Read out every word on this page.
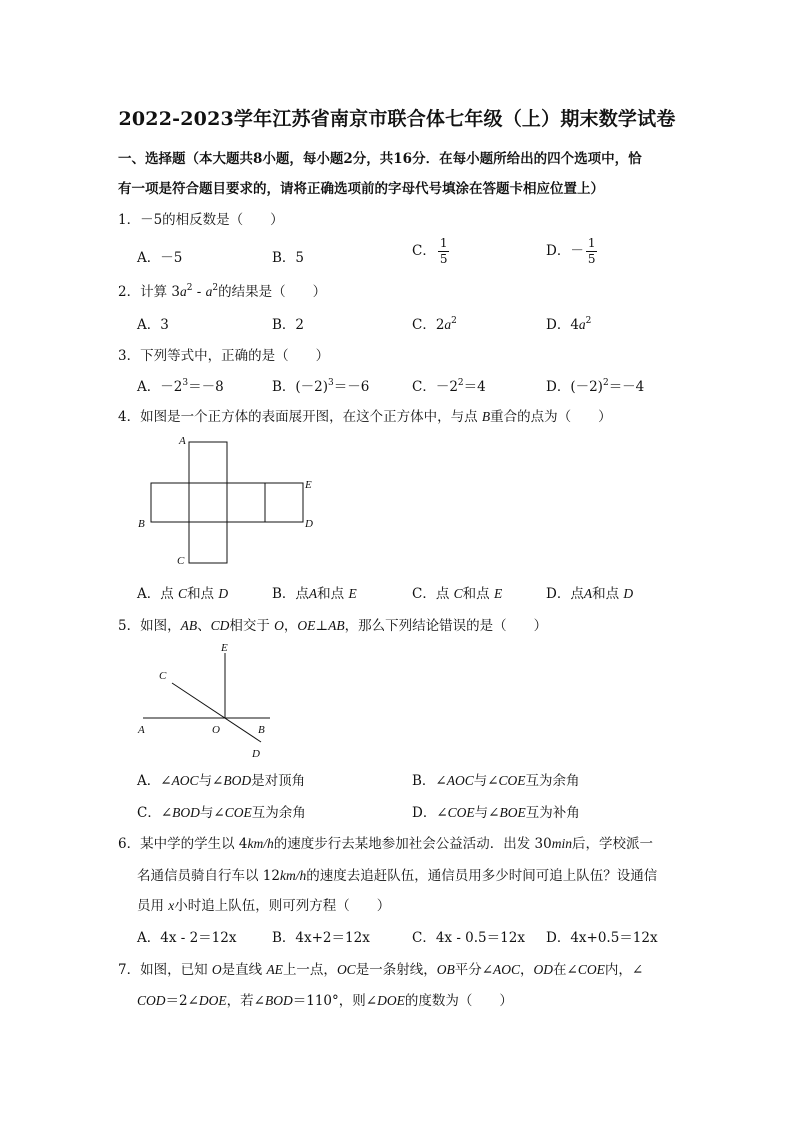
2022-2023学年江苏省南京市联合体七年级（上）期末数学试卷
一、选择题（本大题共8小题，每小题2分，共16分．在每小题所给出的四个选项中，恰
有一项是符合题目要求的，请将正确选项前的字母代号填涂在答题卡相应位置上）
1．－5的相反数是（　　）
A．－5	B．5	C． $\frac{1}{5}$	D．－ $\frac{1}{5}$
2．计算 $3a^2 - a^2$的结果是（　　）
A．3	B．2	C．$2a^2$	D．$4a^2$
3．下列等式中，正确的是（　　）
A．$-2^3=-8$	B．$(-2)^3=-6$	C．$-2^2=4$	D．$(-2)^2=-4$
4．如图是一个正方体的表面展开图，在这个正方体中，与点 B重合的点为（　　）
A
B
C
D
E
A．点 C和点 D	B．点A和点 E	C．点 C和点 E	D．点A和点 D
5．如图，AB、CD相交于 O，OE⊥AB，那么下列结论错误的是（　　）
E
C
A	O	B
D
A．∠AOC与∠BOD是对顶角	B．∠AOC与∠COE互为余角
C．∠BOD与∠COE互为余角	D．∠COE与∠BOE互为补角
6．某中学的学生以 4km/h的速度步行去某地参加社会公益活动．出发 30min后，学校派一
名通信员骑自行车以 12km/h的速度去追赶队伍，通信员用多少时间可追上队伍？设通信
员用 x小时追上队伍，则可列方程（　　）
A．4x - 2＝12x	B．4x+2＝12x	C．4x - 0.5＝12x D．4x+0.5＝12x
7．如图，已知 O是直线 AE上一点，OC是一条射线，OB平分∠AOC，OD在∠COE内，∠
COD＝2∠DOE，若∠BOD＝110°，则∠DOE的度数为（　　）
